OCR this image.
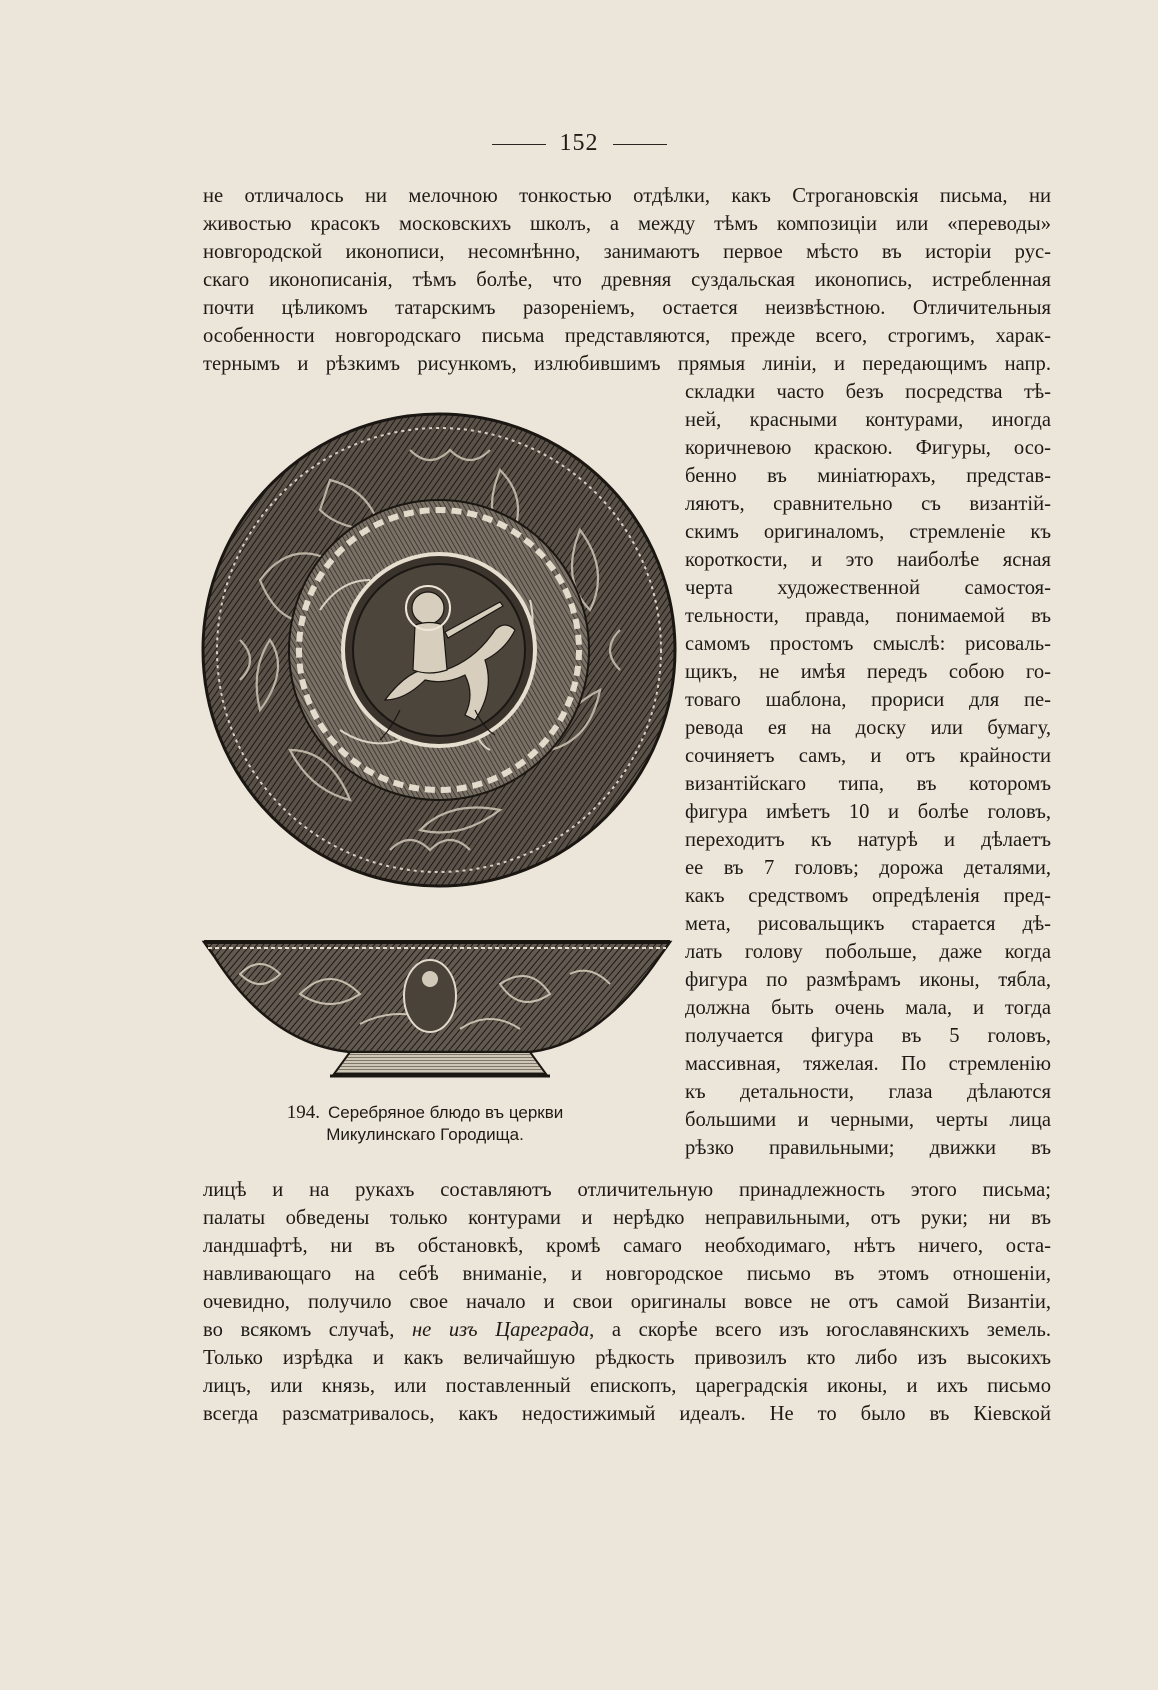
152
не отличалось ни мелочною тонкостью отдѣлки, какъ Строгановскія письма, ни
живостью красокъ московскихъ школъ, а между тѣмъ композиціи или «переводы»
новгородской иконописи, несомнѣнно, занимаютъ первое мѣсто въ исторіи рус-
скаго иконописанія, тѣмъ болѣе, что древняя суздальская иконопись, истребленная
почти цѣликомъ татарскимъ разореніемъ, остается неизвѣстною. Отличительныя
особенности новгородскаго письма представляются, прежде всего, строгимъ, харак-
тернымъ и рѣзкимъ рисункомъ, излюбившимъ прямыя линіи, и передающимъ напр.
складки часто безъ посредства тѣ-
ней, красными контурами, иногда
коричневою краскою. Фигуры, осо-
бенно въ миніатюрахъ, представ-
ляютъ, сравнительно съ византій-
скимъ оригиналомъ, стремленіе къ
короткости, и это наиболѣе ясная
черта художественной самостоя-
тельности, правда, понимаемой въ
самомъ простомъ смыслѣ: рисоваль-
щикъ, не имѣя передъ собою го-
товаго шаблона, прориси для пе-
ревода ея на доску или бумагу,
сочиняетъ самъ, и отъ крайности
византійскаго типа, въ которомъ
фигура имѣетъ 10 и болѣе головъ,
переходитъ къ натурѣ и дѣлаетъ
ее въ 7 головъ; дорожа деталями,
какъ средствомъ опредѣленія пред-
мета, рисовальщикъ старается дѣ-
лать голову побольше, даже когда
фигура по размѣрамъ иконы, тябла,
должна быть очень мала, и тогда
получается фигура въ 5 головъ,
массивная, тяжелая. По стремленію
къ детальности, глаза дѣлаются
большими и черными, черты лица
рѣзко правильными; движки въ
194. Серебряное блюдо въ церкви
Микулинскаго Городища.
лицѣ и на рукахъ составляютъ отличительную принадлежность этого письма;
палаты обведены только контурами и нерѣдко неправильными, отъ руки; ни въ
ландшафтѣ, ни въ обстановкѣ, кромѣ самаго необходимаго, нѣтъ ничего, оста-
навливающаго на себѣ вниманіе, и новгородское письмо въ этомъ отношеніи,
очевидно, получило свое начало и свои оригиналы вовсе не отъ самой Византіи,
во всякомъ случаѣ, не изъ Цареграда, а скорѣе всего изъ югославянскихъ земель.
Только изрѣдка и какъ величайшую рѣдкость привозилъ кто либо изъ высокихъ
лицъ, или князь, или поставленный епископъ, цареградскія иконы, и ихъ письмо
всегда разсматривалось, какъ недостижимый идеалъ. Не то было въ Кіевской
